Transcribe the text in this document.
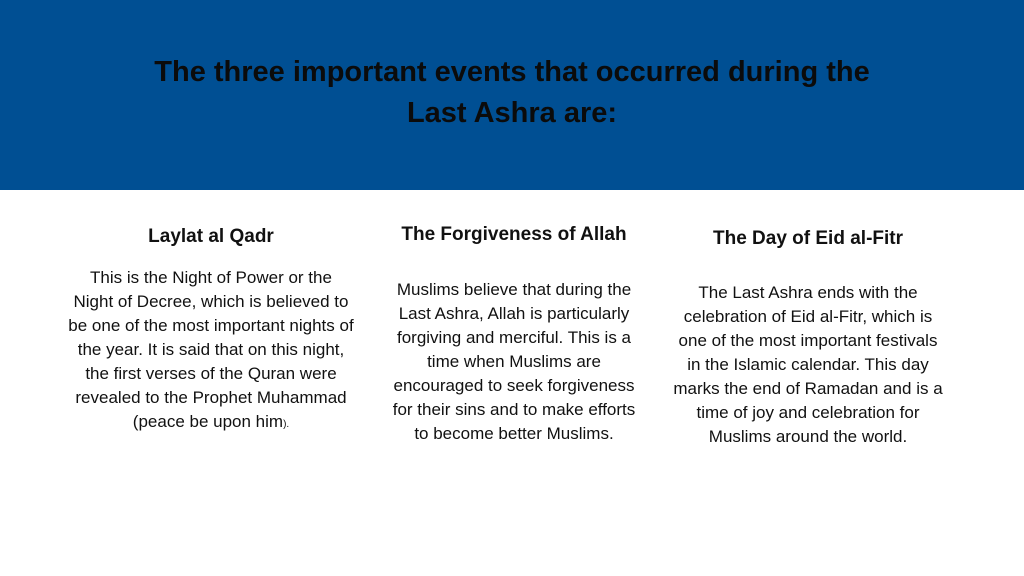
The three important events that occurred during the
Last Ashra are:
Laylat al Qadr

This is the Night of Power or the Night of Decree, which is believed to be one of the most important nights of the year. It is said that on this night, the first verses of the Quran were revealed to the Prophet Muhammad (peace be upon him).

The Forgiveness of Allah

Muslims believe that during the Last Ashra, Allah is particularly forgiving and merciful. This is a time when Muslims are encouraged to seek forgiveness for their sins and to make efforts to become better Muslims.

The Day of Eid al-Fitr

The Last Ashra ends with the celebration of Eid al-Fitr, which is one of the most important festivals in the Islamic calendar. This day marks the end of Ramadan and is a time of joy and celebration for Muslims around the world.
